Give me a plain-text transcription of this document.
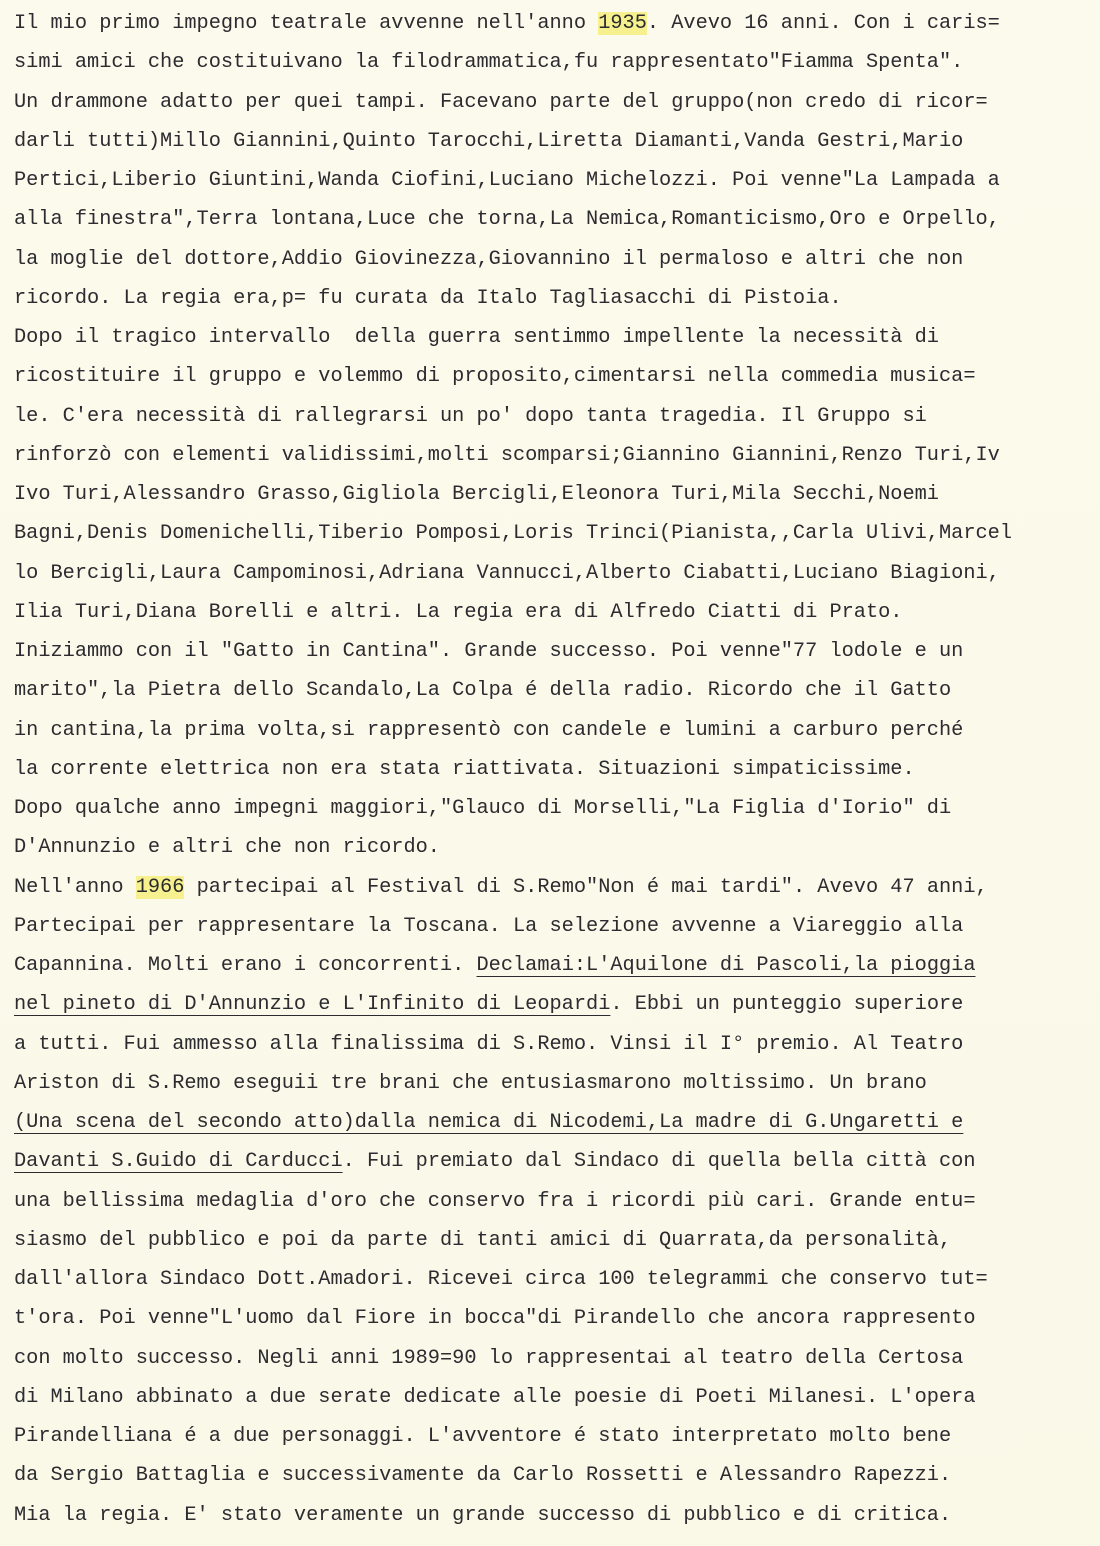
Il mio primo impegno teatrale avvenne nell'anno 1935. Avevo 16 anni. Con i caris=
simi amici che costituivano la filodrammatica,fu rappresentato"Fiamma Spenta".
Un drammone adatto per quei tampi. Facevano parte del gruppo(non credo di ricor=
darli tutti)Millo Giannini,Quinto Tarocchi,Liretta Diamanti,Vanda Gestri,Mario
Pertici,Liberio Giuntini,Wanda Ciofini,Luciano Michelozzi. Poi venne"La Lampada a
alla finestra",Terra lontana,Luce che torna,La Nemica,Romanticismo,Oro e Orpello,
la moglie del dottore,Addio Giovinezza,Giovannino il permaloso e altri che non
ricordo. La regia era,p= fu curata da Italo Tagliasacchi di Pistoia.
Dopo il tragico intervallo  della guerra sentimmo impellente la necessità di
ricostituire il gruppo e volemmo di proposito,cimentarsi nella commedia musica=
le. C'era necessità di rallegrarsi un po' dopo tanta tragedia. Il Gruppo si
rinforzò con elementi validissimi,molti scomparsi;Giannino Giannini,Renzo Turi,Iv
Ivo Turi,Alessandro Grasso,Gigliola Bercigli,Eleonora Turi,Mila Secchi,Noemi
Bagni,Denis Domenichelli,Tiberio Pomposi,Loris Trinci(Pianista,,Carla Ulivi,Marcel
lo Bercigli,Laura Campominosi,Adriana Vannucci,Alberto Ciabatti,Luciano Biagioni,
Ilia Turi,Diana Borelli e altri. La regia era di Alfredo Ciatti di Prato.
Iniziammo con il "Gatto in Cantina". Grande successo. Poi venne"77 lodole e un
marito",la Pietra dello Scandalo,La Colpa é della radio. Ricordo che il Gatto
in cantina,la prima volta,si rappresentò con candele e lumini a carburo perché
la corrente elettrica non era stata riattivata. Situazioni simpaticissime.
Dopo qualche anno impegni maggiori,"Glauco di Morselli,"La Figlia d'Iorio" di
D'Annunzio e altri che non ricordo.
Nell'anno 1966 partecipai al Festival di S.Remo"Non é mai tardi". Avevo 47 anni,
Partecipai per rappresentare la Toscana. La selezione avvenne a Viareggio alla
Capannina. Molti erano i concorrenti. Declamai:L'Aquilone di Pascoli,la pioggia
nel pineto di D'Annunzio e L'Infinito di Leopardi. Ebbi un punteggio superiore
a tutti. Fui ammesso alla finalissima di S.Remo. Vinsi il I° premio. Al Teatro
Ariston di S.Remo eseguii tre brani che entusiasmarono moltissimo. Un brano
(Una scena del secondo atto)dalla nemica di Nicodemi,La madre di G.Ungaretti e
Davanti S.Guido di Carducci. Fui premiato dal Sindaco di quella bella città con
una bellissima medaglia d'oro che conservo fra i ricordi più cari. Grande entu=
siasmo del pubblico e poi da parte di tanti amici di Quarrata,da personalità,
dall'allora Sindaco Dott.Amadori. Ricevei circa 100 telegrammi che conservo tut=
t'ora. Poi venne"L'uomo dal Fiore in bocca"di Pirandello che ancora rappresento
con molto successo. Negli anni 1989=90 lo rappresentai al teatro della Certosa
di Milano abbinato a due serate dedicate alle poesie di Poeti Milanesi. L'opera
Pirandelliana é a due personaggi. L'avventore é stato interpretato molto bene
da Sergio Battaglia e successivamente da Carlo Rossetti e Alessandro Rapezzi.
Mia la regia. E' stato veramente un grande successo di pubblico e di critica.
